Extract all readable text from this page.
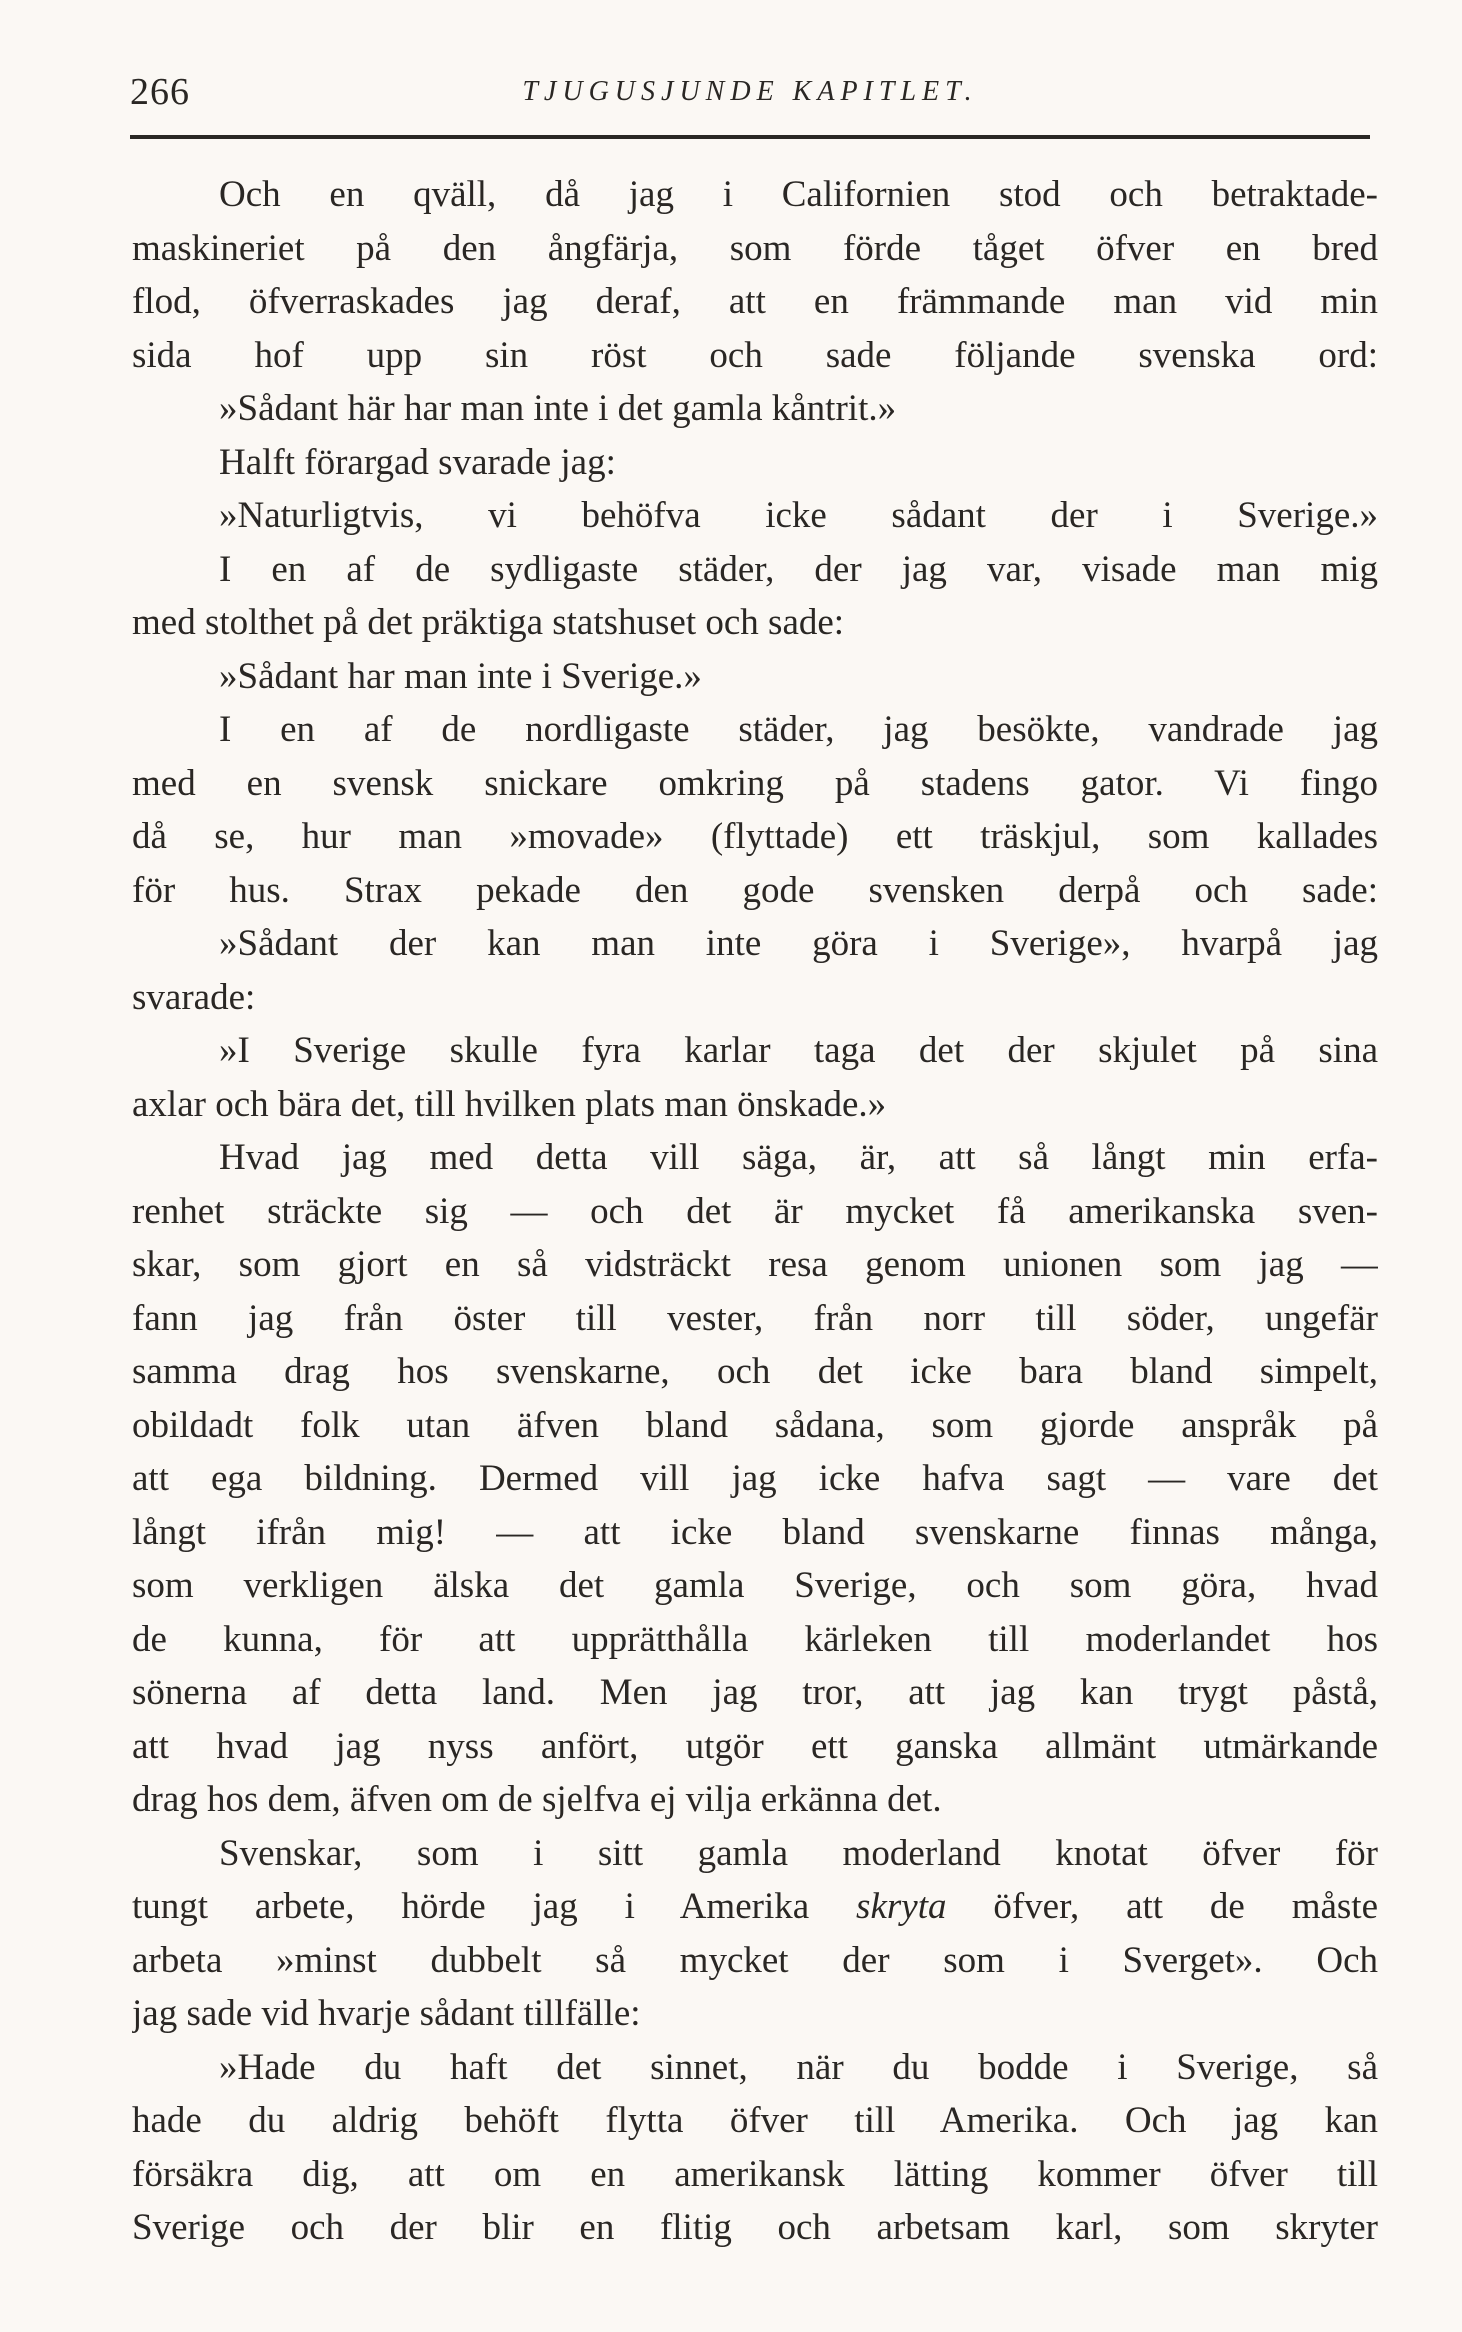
266	TJUGUSJUNDE KAPITLET.
Och en qväll, då jag i Californien stod och betraktade-
maskineriet på den ångfärja, som förde tåget öfver en bred
flod, öfverraskades jag deraf, att en främmande man vid min
sida hof upp sin röst och sade följande svenska ord:
»Sådant här har man inte i det gamla kåntrit.»
Halft förargad svarade jag:
»Naturligtvis, vi behöfva icke sådant der i Sverige.»
I en af de sydligaste städer, der jag var, visade man mig
med stolthet på det präktiga statshuset och sade:
»Sådant har man inte i Sverige.»
I en af de nordligaste städer, jag besökte, vandrade jag
med en svensk snickare omkring på stadens gator. Vi fingo
då se, hur man »movade» (flyttade) ett träskjul, som kallades
för hus. Strax pekade den gode svensken derpå och sade:
»Sådant der kan man inte göra i Sverige», hvarpå jag
svarade:
»I Sverige skulle fyra karlar taga det der skjulet på sina
axlar och bära det, till hvilken plats man önskade.»
Hvad jag med detta vill säga, är, att så långt min erfa-
renhet sträckte sig — och det är mycket få amerikanska sven-
skar, som gjort en så vidsträckt resa genom unionen som jag —
fann jag från öster till vester, från norr till söder, ungefär
samma drag hos svenskarne, och det icke bara bland simpelt,
obildadt folk utan äfven bland sådana, som gjorde anspråk på
att ega bildning. Dermed vill jag icke hafva sagt — vare det
långt ifrån mig! — att icke bland svenskarne finnas många,
som verkligen älska det gamla Sverige, och som göra, hvad
de kunna, för att upprätthålla kärleken till moderlandet hos
sönerna af detta land. Men jag tror, att jag kan trygt påstå,
att hvad jag nyss anfört, utgör ett ganska allmänt utmärkande
drag hos dem, äfven om de sjelfva ej vilja erkänna det.
Svenskar, som i sitt gamla moderland knotat öfver för
tungt arbete, hörde jag i Amerika skryta öfver, att de måste
arbeta »minst dubbelt så mycket der som i Sverget». Och
jag sade vid hvarje sådant tillfälle:
»Hade du haft det sinnet, när du bodde i Sverige, så
hade du aldrig behöft flytta öfver till Amerika. Och jag kan
försäkra dig, att om en amerikansk lätting kommer öfver till
Sverige och der blir en flitig och arbetsam karl, som skryter
